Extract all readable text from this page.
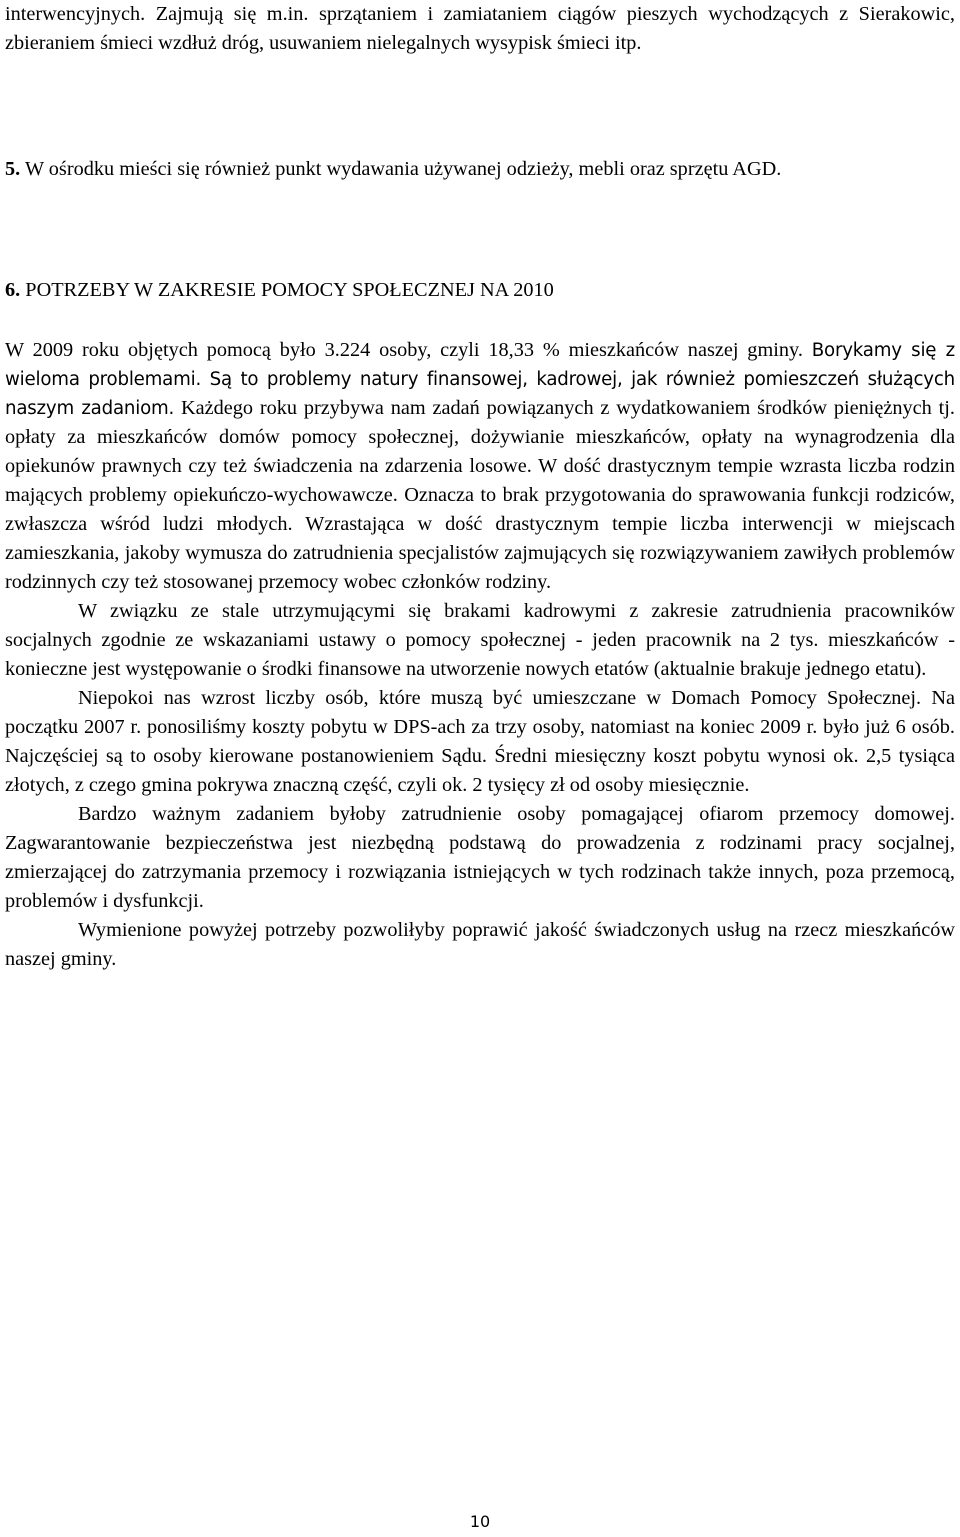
interwencyjnych. Zajmują się m.in. sprzątaniem i zamiataniem ciągów pieszych wychodzących z Sierakowic, zbieraniem śmieci wzdłuż dróg, usuwaniem nielegalnych wysypisk śmieci itp.

5. W ośrodku mieści się również punkt wydawania używanej odzieży, mebli oraz sprzętu AGD.

6. POTRZEBY W ZAKRESIE POMOCY SPOŁECZNEJ NA 2010

W 2009 roku objętych pomocą było 3.224 osoby, czyli 18,33 % mieszkańców naszej gminy. Borykamy się z wieloma problemami. Są to problemy natury finansowej, kadrowej, jak również pomieszczeń służących naszym zadaniom. Każdego roku przybywa nam zadań powiązanych z wydatkowaniem środków pieniężnych tj. opłaty za mieszkańców domów pomocy społecznej, dożywianie mieszkańców, opłaty na wynagrodzenia dla opiekunów prawnych czy też świadczenia na zdarzenia losowe. W dość drastycznym tempie wzrasta liczba rodzin mających problemy opiekuńczo-wychowawcze. Oznacza to brak przygotowania do sprawowania funkcji rodziców, zwłaszcza wśród ludzi młodych. Wzrastająca w dość drastycznym tempie liczba interwencji w miejscach zamieszkania, jakoby wymusza do zatrudnienia specjalistów zajmujących się rozwiązywaniem zawiłych problemów rodzinnych czy też stosowanej przemocy wobec członków rodziny.

W związku ze stale utrzymującymi się brakami kadrowymi z zakresie zatrudnienia pracowników socjalnych zgodnie ze wskazaniami ustawy o pomocy społecznej - jeden pracownik na 2 tys. mieszkańców - konieczne jest występowanie o środki finansowe na utworzenie nowych etatów (aktualnie brakuje jednego etatu).

Niepokoi nas wzrost liczby osób, które muszą być umieszczane w Domach Pomocy Społecznej. Na początku 2007 r. ponosiliśmy koszty pobytu w DPS-ach za trzy osoby, natomiast na koniec 2009 r. było już 6 osób. Najczęściej są to osoby kierowane postanowieniem Sądu. Średni miesięczny koszt pobytu wynosi ok. 2,5 tysiąca złotych, z czego gmina pokrywa znaczną część, czyli ok. 2 tysięcy zł od osoby miesięcznie.

Bardzo ważnym zadaniem byłoby zatrudnienie osoby pomagającej ofiarom przemocy domowej. Zagwarantowanie bezpieczeństwa jest niezbędną podstawą do prowadzenia z rodzinami pracy socjalnej, zmierzającej do zatrzymania przemocy i rozwiązania istniejących w tych rodzinach także innych, poza przemocą, problemów i dysfunkcji.

Wymienione powyżej potrzeby pozwoliłyby poprawić jakość świadczonych usług na rzecz mieszkańców naszej gminy.

10
